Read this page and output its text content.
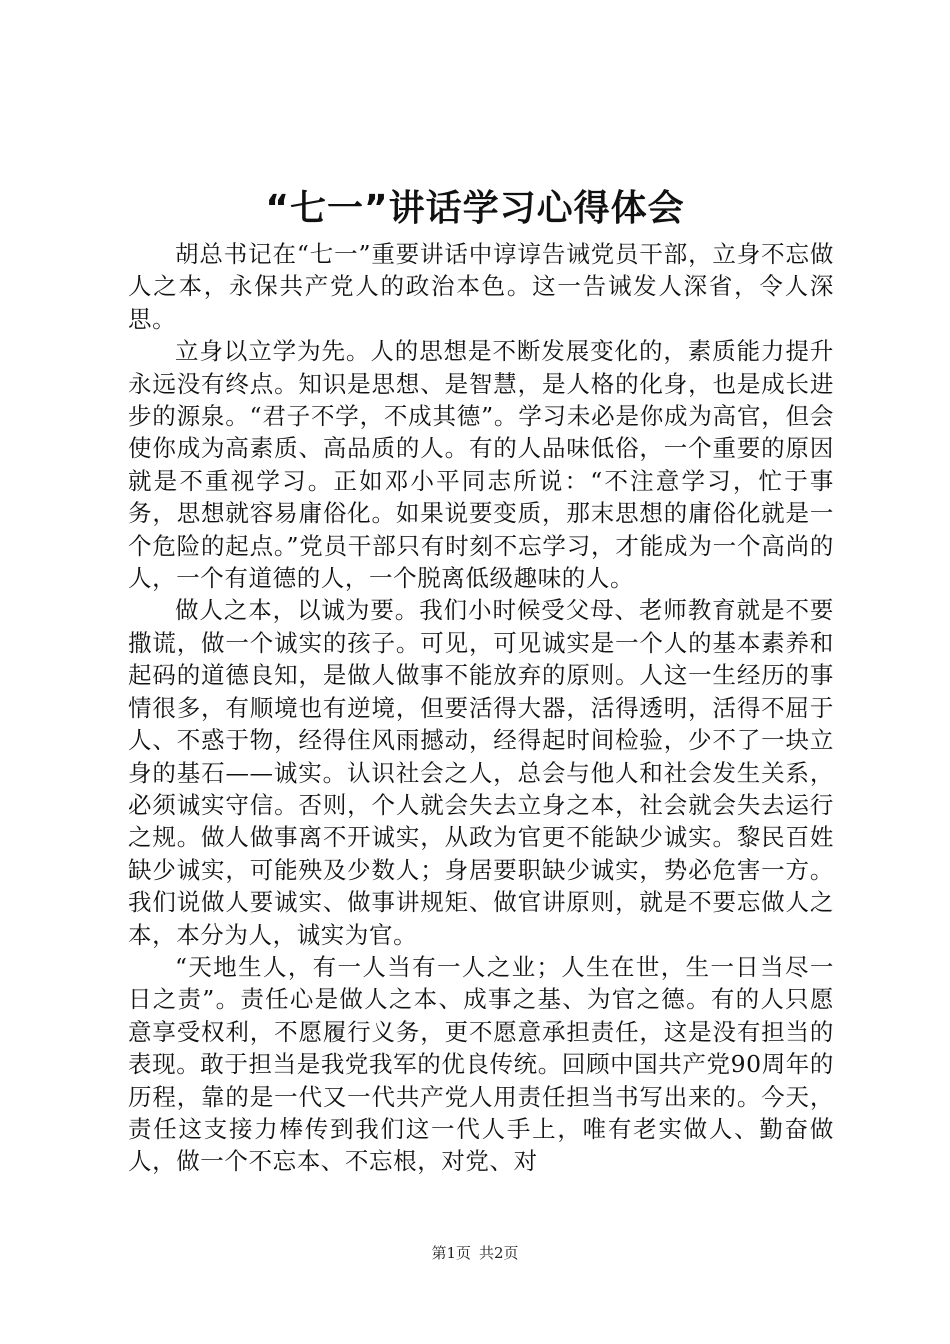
“七一”讲话学习心得体会

胡总书记在“七一”重要讲话中谆谆告诫党员干部，立身不忘做人之本，永保共产党人的政治本色。这一告诫发人深省，令人深思。

立身以立学为先。人的思想是不断发展变化的，素质能力提升永远没有终点。知识是思想、是智慧，是人格的化身，也是成长进步的源泉。“君子不学，不成其德”。学习未必是你成为高官，但会使你成为高素质、高品质的人。有的人品味低俗，一个重要的原因就是不重视学习。正如邓小平同志所说：“不注意学习，忙于事务，思想就容易庸俗化。如果说要变质，那末思想的庸俗化就是一个危险的起点。”党员干部只有时刻不忘学习，才能成为一个高尚的人，一个有道德的人，一个脱离低级趣味的人。

做人之本，以诚为要。我们小时候受父母、老师教育就是不要撒谎，做一个诚实的孩子。可见，可见诚实是一个人的基本素养和起码的道德良知，是做人做事不能放弃的原则。人这一生经历的事情很多，有顺境也有逆境，但要活得大器，活得透明，活得不屈于人、不惑于物，经得住风雨撼动，经得起时间检验，少不了一块立身的基石——诚实。认识社会之人，总会与他人和社会发生关系，必须诚实守信。否则，个人就会失去立身之本，社会就会失去运行之规。做人做事离不开诚实，从政为官更不能缺少诚实。黎民百姓缺少诚实，可能殃及少数人；身居要职缺少诚实，势必危害一方。我们说做人要诚实、做事讲规矩、做官讲原则，就是不要忘做人之本，本分为人，诚实为官。

“天地生人，有一人当有一人之业；人生在世，生一日当尽一日之责”。责任心是做人之本、成事之基、为官之德。有的人只愿意享受权利，不愿履行义务，更不愿意承担责任，这是没有担当的表现。敢于担当是我党我军的优良传统。回顾中国共产党90周年的历程，靠的是一代又一代共产党人用责任担当书写出来的。今天，责任这支接力棒传到我们这一代人手上，唯有老实做人、勤奋做人，做一个不忘本、不忘根，对党、对

第1页 共2页
